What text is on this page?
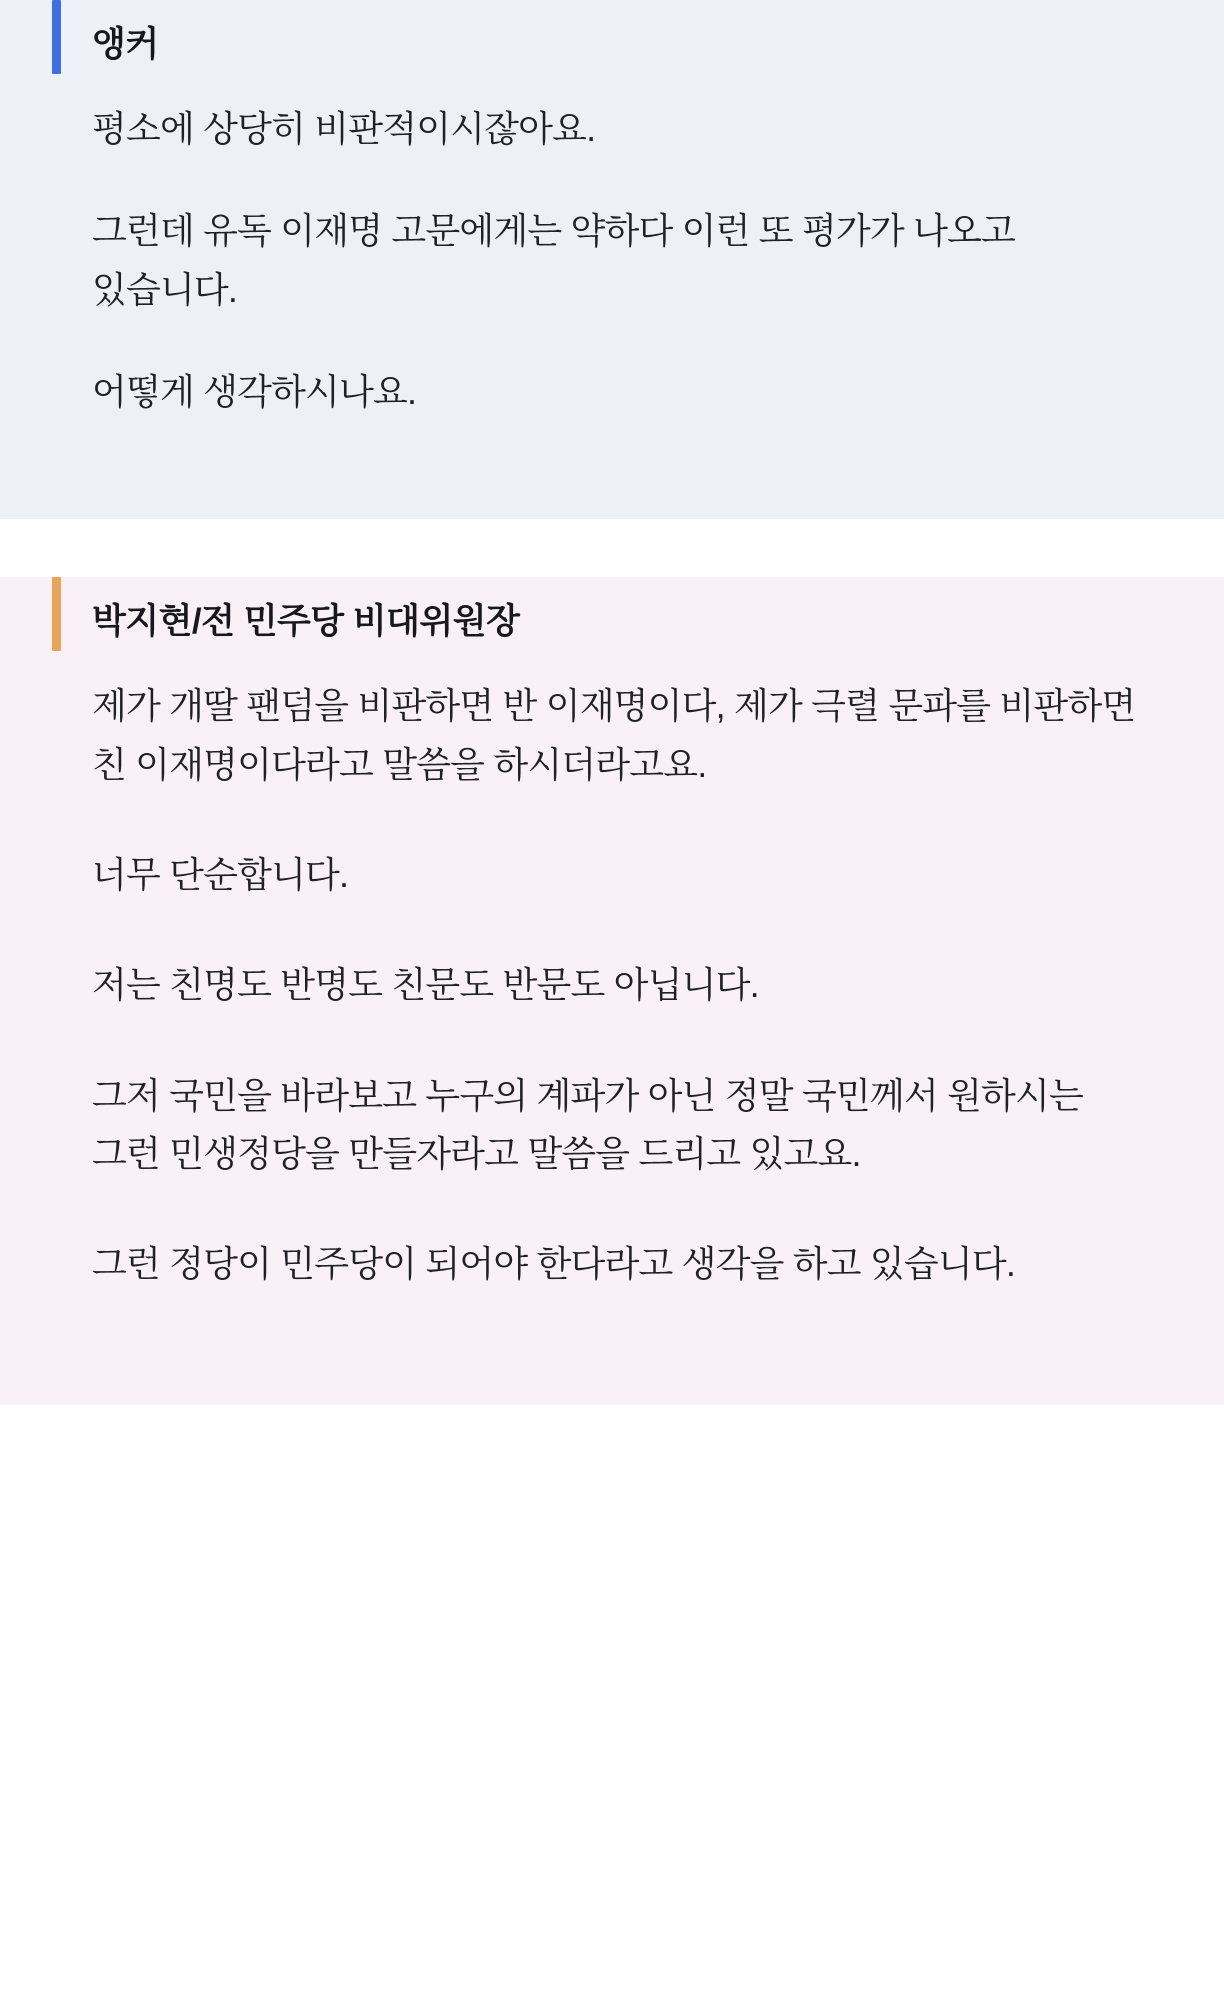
앵커

평소에 상당히 비판적이시잖아요.

그런데 유독 이재명 고문에게는 약하다 이런 또 평가가 나오고 있습니다.

어떻게 생각하시나요.

박지현/전 민주당 비대위원장

제가 개딸 팬덤을 비판하면 반 이재명이다, 제가 극렬 문파를 비판하면 친 이재명이다라고 말씀을 하시더라고요.

너무 단순합니다.

저는 친명도 반명도 친문도 반문도 아닙니다.

그저 국민을 바라보고 누구의 계파가 아닌 정말 국민께서 원하시는 그런 민생정당을 만들자라고 말씀을 드리고 있고요.

그런 정당이 민주당이 되어야 한다라고 생각을 하고 있습니다.
